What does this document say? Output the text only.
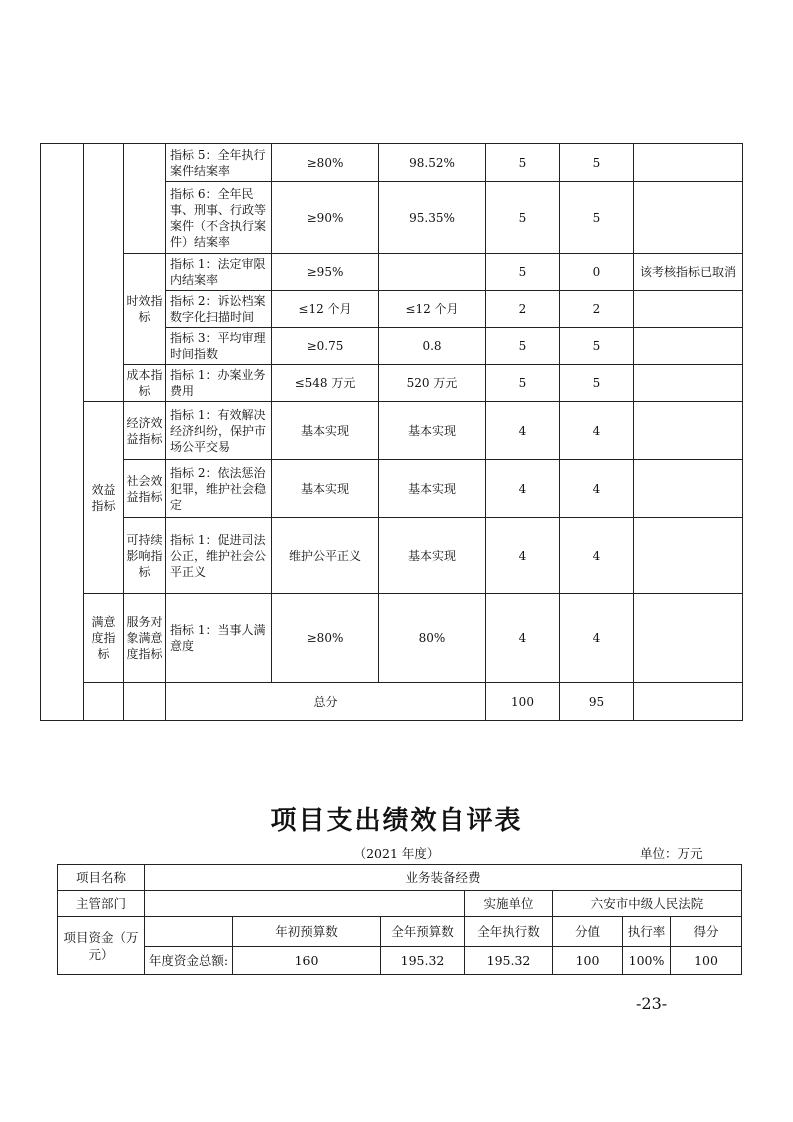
			指标 5：全年执行案件结案率	≥80%	98.52%	5	5	
			指标 6：全年民事、刑事、行政等案件（不含执行案件）结案率	≥90%	95.35%	5	5	
		时效指标	指标 1：法定审限内结案率	≥95%		5	0	该考核指标已取消
			指标 2：诉讼档案数字化扫描时间	≤12 个月	≤12 个月	2	2	
			指标 3：平均审理时间指数	≥0.75	0.8	5	5	
		成本指标	指标 1：办案业务费用	≤548 万元	520 万元	5	5	
	效益指标	经济效益指标	指标 1：有效解决经济纠纷，保护市场公平交易	基本实现	基本实现	4	4	
		社会效益指标	指标 2：依法惩治犯罪，维护社会稳定	基本实现	基本实现	4	4	
		可持续影响指标	指标 1：促进司法公正，维护社会公平正义	维护公平正义	基本实现	4	4	
	满意度指标	服务对象满意度指标	指标 1：当事人满意度	≥80%	80%	4	4	
			总分			100	95	
项目支出绩效自评表
（2021 年度）	单位：万元
项目名称	业务装备经费						
主管部门				实施单位	六安市中级人民法院		
项目资金（万元）		年初预算数	全年预算数	全年执行数	分值	执行率	得分
	年度资金总额:	160	195.32	195.32	100	100%	100
-23-
